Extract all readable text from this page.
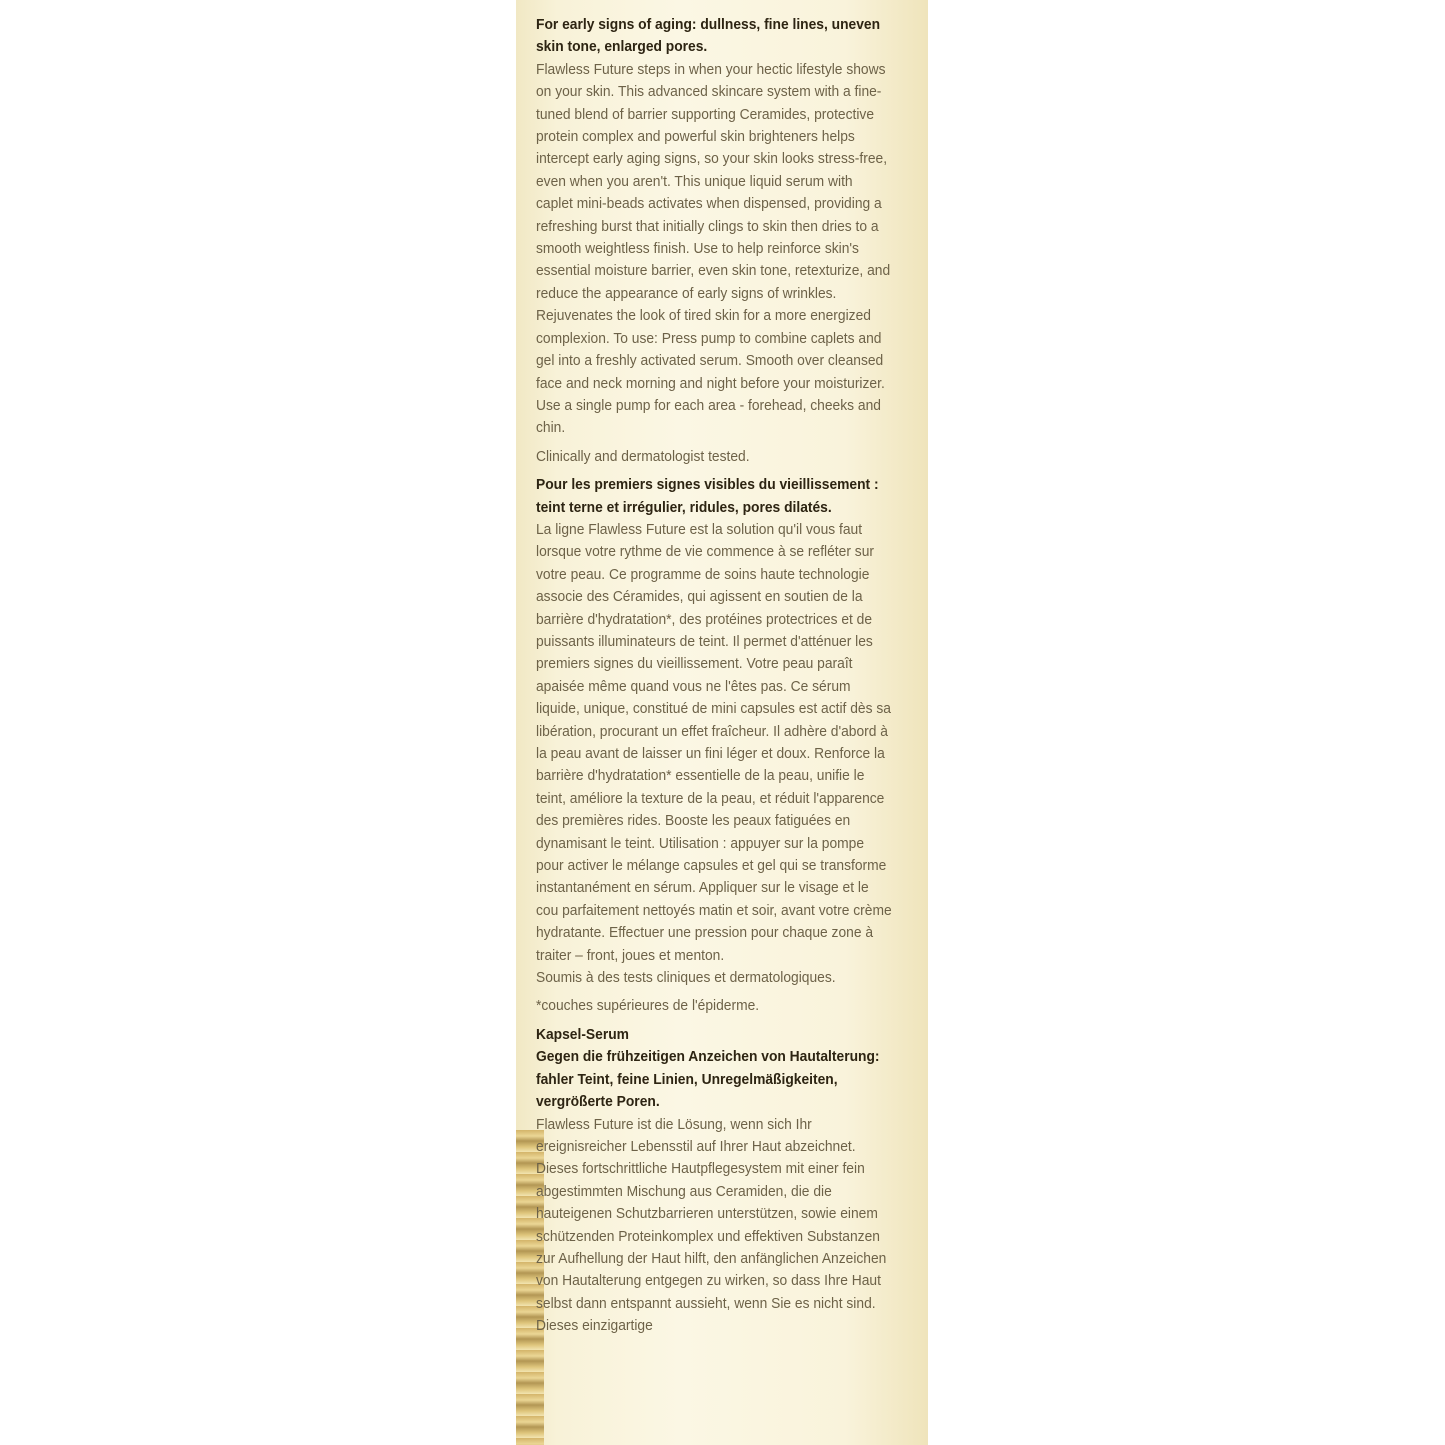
For early signs of aging: dullness, fine lines, uneven skin tone, enlarged pores.

Flawless Future steps in when your hectic lifestyle shows on your skin. This advanced skincare system with a fine-tuned blend of barrier supporting Ceramides, protective protein complex and powerful skin brighteners helps intercept early aging signs, so your skin looks stress-free, even when you aren't. This unique liquid serum with caplet mini-beads activates when dispensed, providing a refreshing burst that initially clings to skin then dries to a smooth weightless finish. Use to help reinforce skin's essential moisture barrier, even skin tone, retexturize, and reduce the appearance of early signs of wrinkles. Rejuvenates the look of tired skin for a more energized complexion. To use: Press pump to combine caplets and gel into a freshly activated serum. Smooth over cleansed face and neck morning and night before your moisturizer. Use a single pump for each area - forehead, cheeks and chin.

Clinically and dermatologist tested.

Pour les premiers signes visibles du vieillissement : teint terne et irrégulier, ridules, pores dilatés.

La ligne Flawless Future est la solution qu'il vous faut lorsque votre rythme de vie commence à se refléter sur votre peau. Ce programme de soins haute technologie associe des Céramides, qui agissent en soutien de la barrière d'hydratation*, des protéines protectrices et de puissants illuminateurs de teint. Il permet d'atténuer les premiers signes du vieillissement. Votre peau paraît apaisée même quand vous ne l'êtes pas. Ce sérum liquide, unique, constitué de mini capsules est actif dès sa libération, procurant un effet fraîcheur. Il adhère d'abord à la peau avant de laisser un fini léger et doux. Renforce la barrière d'hydratation* essentielle de la peau, unifie le teint, améliore la texture de la peau, et réduit l'apparence des premières rides. Booste les peaux fatiguées en dynamisant le teint. Utilisation : appuyer sur la pompe pour activer le mélange capsules et gel qui se transforme instantanément en sérum. Appliquer sur le visage et le cou parfaitement nettoyés matin et soir, avant votre crème hydratante. Effectuer une pression pour chaque zone à traiter – front, joues et menton.

Soumis à des tests cliniques et dermatologiques.

*couches supérieures de l'épiderme.

Kapsel-Serum

Gegen die frühzeitigen Anzeichen von Hautalterung: fahler Teint, feine Linien, Unregelmäßigkeiten, vergrößerte Poren.

Flawless Future ist die Lösung, wenn sich Ihr ereignisreicher Lebensstil auf Ihrer Haut abzeichnet. Dieses fortschrittliche Hautpflegesystem mit einer fein abgestimmten Mischung aus Ceramiden, die die hauteigenen Schutzbarrieren unterstützen, sowie einem schützenden Proteinkomplex und effektiven Substanzen zur Aufhellung der Haut hilft, den anfänglichen Anzeichen von Hautalterung entgegen zu wirken, so dass Ihre Haut selbst dann entspannt aussieht, wenn Sie es nicht sind. Dieses einzigartige
